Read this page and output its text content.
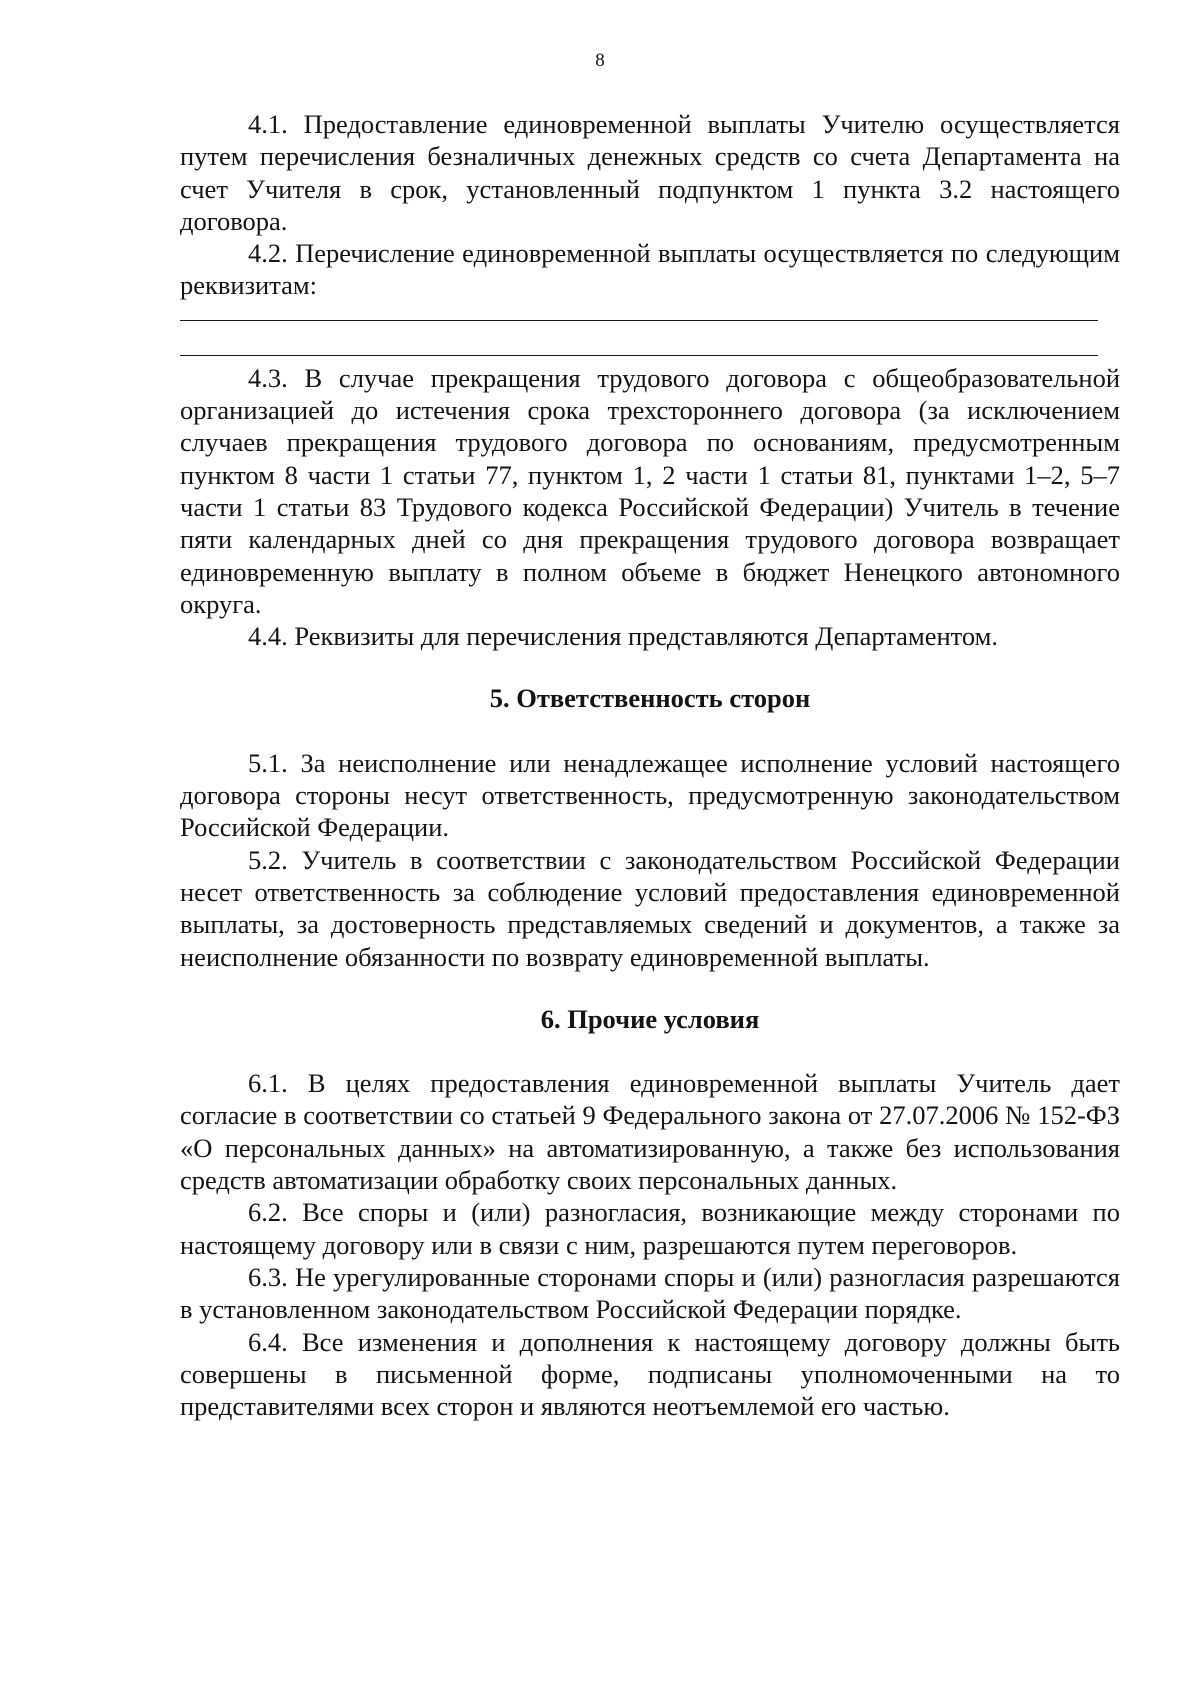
8

4.1. Предоставление единовременной выплаты Учителю осуществляется путем перечисления безналичных денежных средств со счета Департамента на счет Учителя в срок, установленный подпунктом 1 пункта 3.2 настоящего договора.

4.2. Перечисление единовременной выплаты осуществляется по следующим реквизитам:

4.3. В случае прекращения трудового договора с общеобразовательной организацией до истечения срока трехстороннего договора (за исключением случаев прекращения трудового договора по основаниям, предусмотренным пунктом 8 части 1 статьи 77, пунктом 1, 2 части 1 статьи 81, пунктами 1–2, 5–7 части 1 статьи 83 Трудового кодекса Российской Федерации) Учитель в течение пяти календарных дней со дня прекращения трудового договора возвращает единовременную выплату в полном объеме в бюджет Ненецкого автономного округа.

4.4. Реквизиты для перечисления представляются Департаментом.

5. Ответственность сторон

5.1. За неисполнение или ненадлежащее исполнение условий настоящего договора стороны несут ответственность, предусмотренную законодательством Российской Федерации.

5.2. Учитель в соответствии с законодательством Российской Федерации несет ответственность за соблюдение условий предоставления единовременной выплаты, за достоверность представляемых сведений и документов, а также за неисполнение обязанности по возврату единовременной выплаты.

6. Прочие условия

6.1. В целях предоставления единовременной выплаты Учитель дает согласие в соответствии со статьей 9 Федерального закона от 27.07.2006 № 152-ФЗ «О персональных данных» на автоматизированную, а также без использования средств автоматизации обработку своих персональных данных.

6.2. Все споры и (или) разногласия, возникающие между сторонами по настоящему договору или в связи с ним, разрешаются путем переговоров.

6.3. Не урегулированные сторонами споры и (или) разногласия разрешаются в установленном законодательством Российской Федерации порядке.

6.4. Все изменения и дополнения к настоящему договору должны быть совершены в письменной форме, подписаны уполномоченными на то представителями всех сторон и являются неотъемлемой его частью.
